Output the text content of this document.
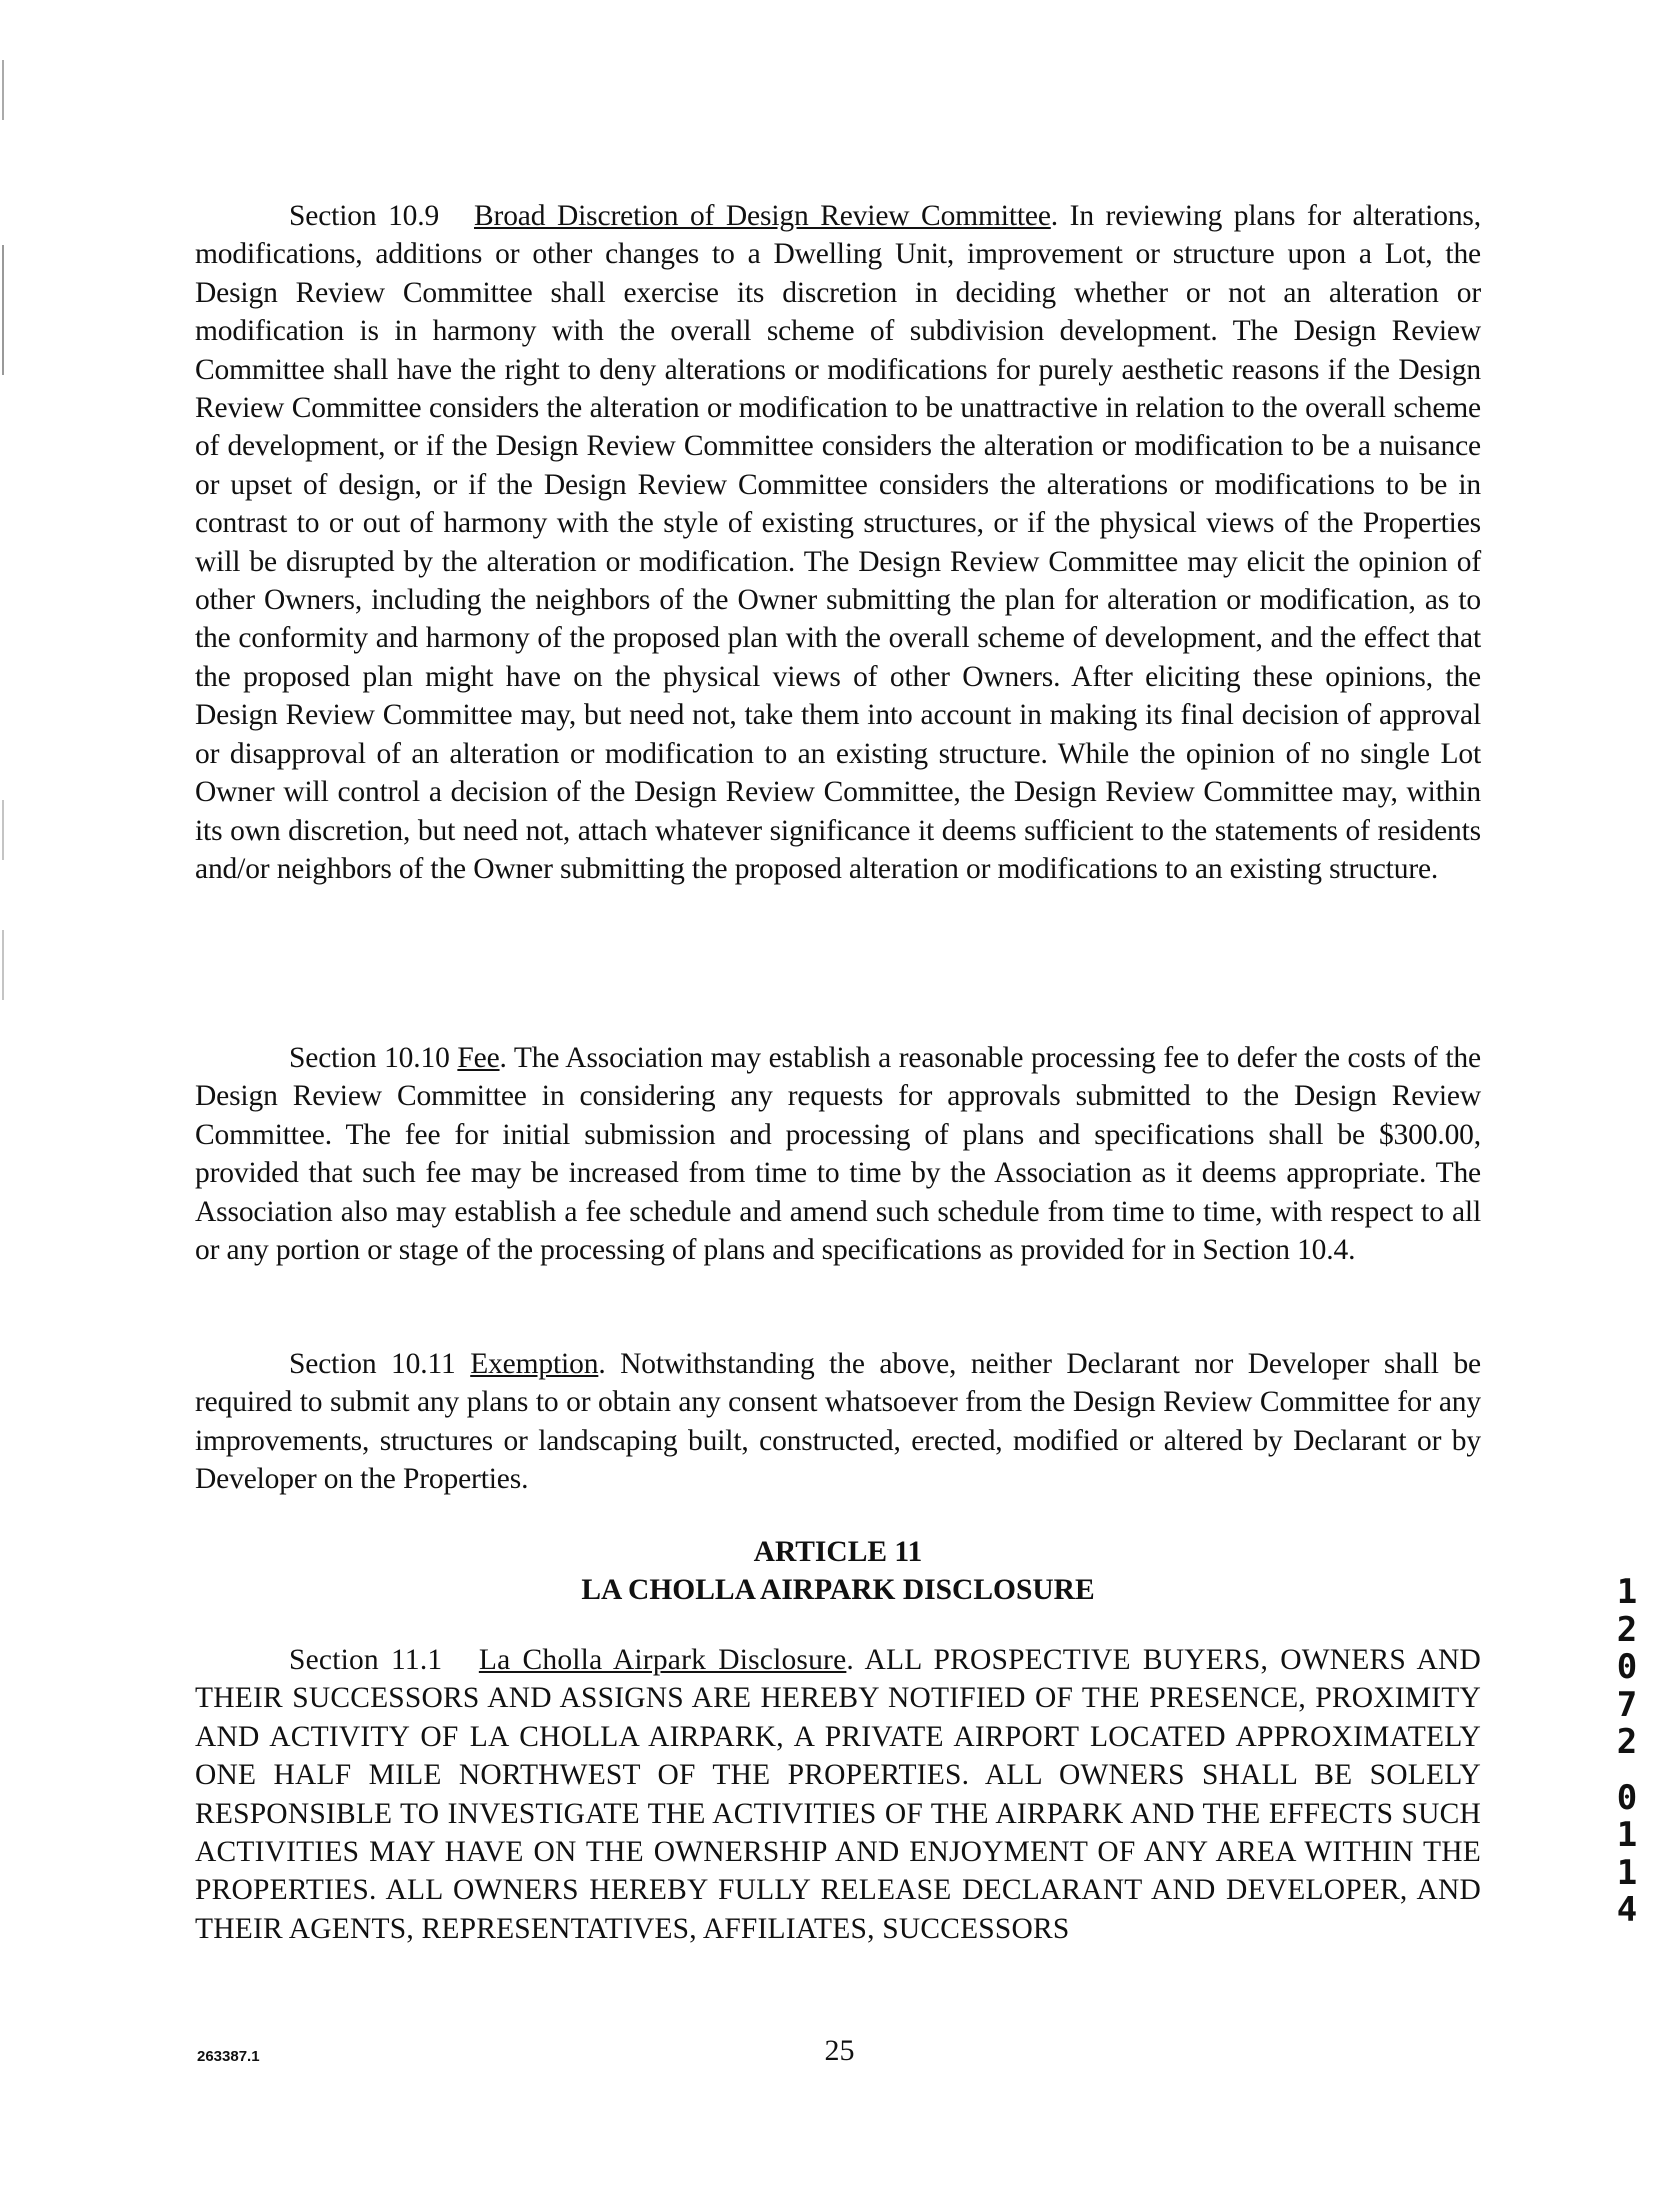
Section 10.9 Broad Discretion of Design Review Committee. In reviewing plans for alterations, modifications, additions or other changes to a Dwelling Unit, improvement or structure upon a Lot, the Design Review Committee shall exercise its discretion in deciding whether or not an alteration or modification is in harmony with the overall scheme of subdivision development. The Design Review Committee shall have the right to deny alterations or modifications for purely aesthetic reasons if the Design Review Committee considers the alteration or modification to be unattractive in relation to the overall scheme of development, or if the Design Review Committee considers the alteration or modification to be a nuisance or upset of design, or if the Design Review Committee considers the alterations or modifications to be in contrast to or out of harmony with the style of existing structures, or if the physical views of the Properties will be disrupted by the alteration or modification. The Design Review Committee may elicit the opinion of other Owners, including the neighbors of the Owner submitting the plan for alteration or modification, as to the conformity and harmony of the proposed plan with the overall scheme of development, and the effect that the proposed plan might have on the physical views of other Owners. After eliciting these opinions, the Design Review Committee may, but need not, take them into account in making its final decision of approval or disapproval of an alteration or modification to an existing structure. While the opinion of no single Lot Owner will control a decision of the Design Review Committee, the Design Review Committee may, within its own discretion, but need not, attach whatever significance it deems sufficient to the statements of residents and/or neighbors of the Owner submitting the proposed alteration or modifications to an existing structure.

Section 10.10 Fee. The Association may establish a reasonable processing fee to defer the costs of the Design Review Committee in considering any requests for approvals submitted to the Design Review Committee. The fee for initial submission and processing of plans and specifications shall be $300.00, provided that such fee may be increased from time to time by the Association as it deems appropriate. The Association also may establish a fee schedule and amend such schedule from time to time, with respect to all or any portion or stage of the processing of plans and specifications as provided for in Section 10.4.

Section 10.11 Exemption. Notwithstanding the above, neither Declarant nor Developer shall be required to submit any plans to or obtain any consent whatsoever from the Design Review Committee for any improvements, structures or landscaping built, constructed, erected, modified or altered by Declarant or by Developer on the Properties.

ARTICLE 11
LA CHOLLA AIRPARK DISCLOSURE

Section 11.1 La Cholla Airpark Disclosure. ALL PROSPECTIVE BUYERS, OWNERS AND THEIR SUCCESSORS AND ASSIGNS ARE HEREBY NOTIFIED OF THE PRESENCE, PROXIMITY AND ACTIVITY OF LA CHOLLA AIRPARK, A PRIVATE AIRPORT LOCATED APPROXIMATELY ONE HALF MILE NORTHWEST OF THE PROPERTIES. ALL OWNERS SHALL BE SOLELY RESPONSIBLE TO INVESTIGATE THE ACTIVITIES OF THE AIRPARK AND THE EFFECTS SUCH ACTIVITIES MAY HAVE ON THE OWNERSHIP AND ENJOYMENT OF ANY AREA WITHIN THE PROPERTIES. ALL OWNERS HEREBY FULLY RELEASE DECLARANT AND DEVELOPER, AND THEIR AGENTS, REPRESENTATIVES, AFFILIATES, SUCCESSORS

1
2
0
7
2
0
1
1
4
263387.1	25
